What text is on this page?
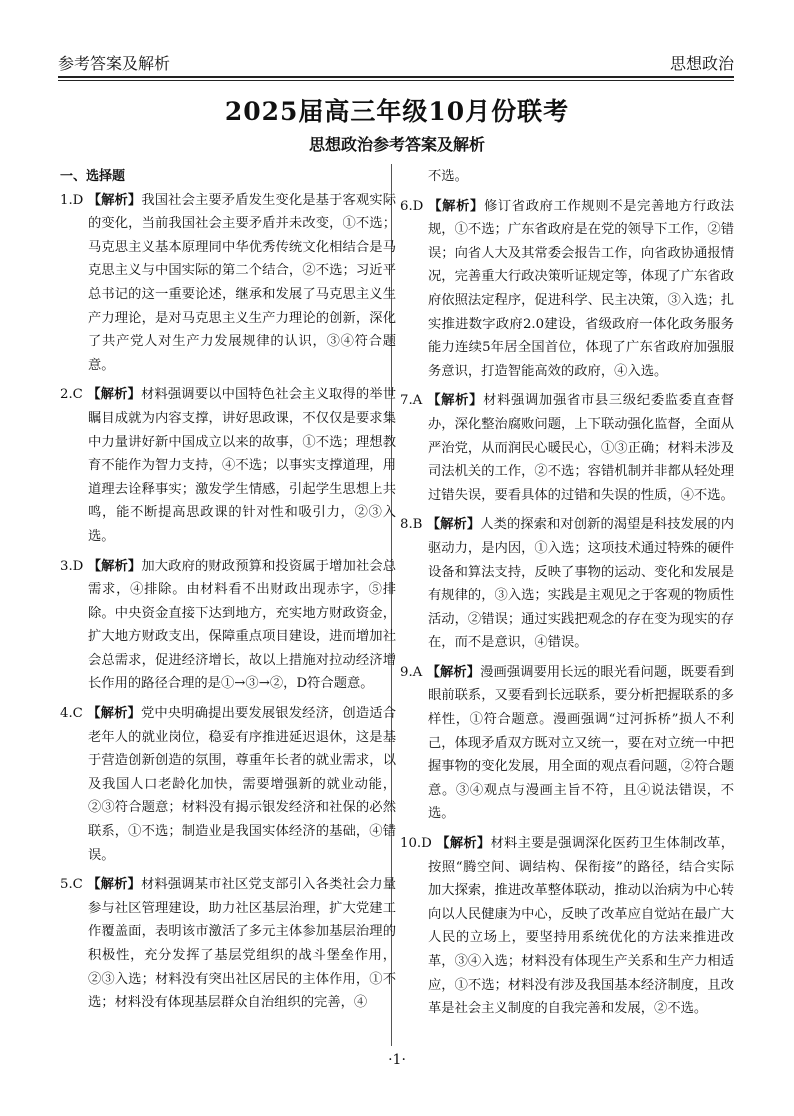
参考答案及解析	思想政治
2025届高三年级10月份联考
思想政治参考答案及解析
一、选择题
1.D 【解析】我国社会主要矛盾发生变化是基于客观实际的变化，当前我国社会主要矛盾并未改变，①不选；马克思主义基本原理同中华优秀传统文化相结合是马克思主义与中国实际的第二个结合，②不选；习近平总书记的这一重要论述，继承和发展了马克思主义生产力理论，是对马克思主义生产力理论的创新，深化了共产党人对生产力发展规律的认识，③④符合题意。
2.C 【解析】材料强调要以中国特色社会主义取得的举世瞩目成就为内容支撑，讲好思政课，不仅仅是要求集中力量讲好新中国成立以来的故事，①不选；理想教育不能作为智力支持，④不选；以事实支撑道理，用道理去诠释事实；激发学生情感，引起学生思想上共鸣，能不断提高思政课的针对性和吸引力，②③入选。
3.D 【解析】加大政府的财政预算和投资属于增加社会总需求，④排除。由材料看不出财政出现赤字，⑤排除。中央资金直接下达到地方，充实地方财政资金，扩大地方财政支出，保障重点项目建设，进而增加社会总需求，促进经济增长，故以上措施对拉动经济增长作用的路径合理的是①→③→②，D符合题意。
4.C 【解析】党中央明确提出要发展银发经济，创造适合老年人的就业岗位，稳妥有序推进延迟退休，这是基于营造创新创造的氛围，尊重年长者的就业需求，以及我国人口老龄化加快，需要增强新的就业动能，②③符合题意；材料没有揭示银发经济和社保的必然联系，①不选；制造业是我国实体经济的基础，④错误。
5.C 【解析】材料强调某市社区党支部引入各类社会力量参与社区管理建设，助力社区基层治理，扩大党建工作覆盖面，表明该市激活了多元主体参加基层治理的积极性，充分发挥了基层党组织的战斗堡垒作用，②③入选；材料没有突出社区居民的主体作用，①不选；材料没有体现基层群众自治组织的完善，④
不选。
6.D 【解析】修订省政府工作规则不是完善地方行政法规，①不选；广东省政府是在党的领导下工作，②错误；向省人大及其常委会报告工作，向省政协通报情况，完善重大行政决策听证规定等，体现了广东省政府依照法定程序，促进科学、民主决策，③入选；扎实推进数字政府2.0建设，省级政府一体化政务服务能力连续5年居全国首位，体现了广东省政府加强服务意识，打造智能高效的政府，④入选。
7.A 【解析】材料强调加强省市县三级纪委监委直查督办，深化整治腐败问题，上下联动强化监督，全面从严治党，从而润民心暖民心，①③正确；材料未涉及司法机关的工作，②不选；容错机制并非都从轻处理过错失误，要看具体的过错和失误的性质，④不选。
8.B 【解析】人类的探索和对创新的渴望是科技发展的内驱动力，是内因，①入选；这项技术通过特殊的硬件设备和算法支持，反映了事物的运动、变化和发展是有规律的，③入选；实践是主观见之于客观的物质性活动，②错误；通过实践把观念的存在变为现实的存在，而不是意识，④错误。
9.A 【解析】漫画强调要用长远的眼光看问题，既要看到眼前联系，又要看到长远联系，要分析把握联系的多样性，①符合题意。漫画强调“过河拆桥”损人不利己，体现矛盾双方既对立又统一，要在对立统一中把握事物的变化发展，用全面的观点看问题，②符合题意。③④观点与漫画主旨不符，且④说法错误，不选。
10.D 【解析】材料主要是强调深化医药卫生体制改革，按照“腾空间、调结构、保衔接”的路径，结合实际加大探索，推进改革整体联动，推动以治病为中心转向以人民健康为中心，反映了改革应自觉站在最广大人民的立场上，要坚持用系统优化的方法来推进改革，③④入选；材料没有体现生产关系和生产力相适应，①不选；材料没有涉及我国基本经济制度，且改革是社会主义制度的自我完善和发展，②不选。
·1·
